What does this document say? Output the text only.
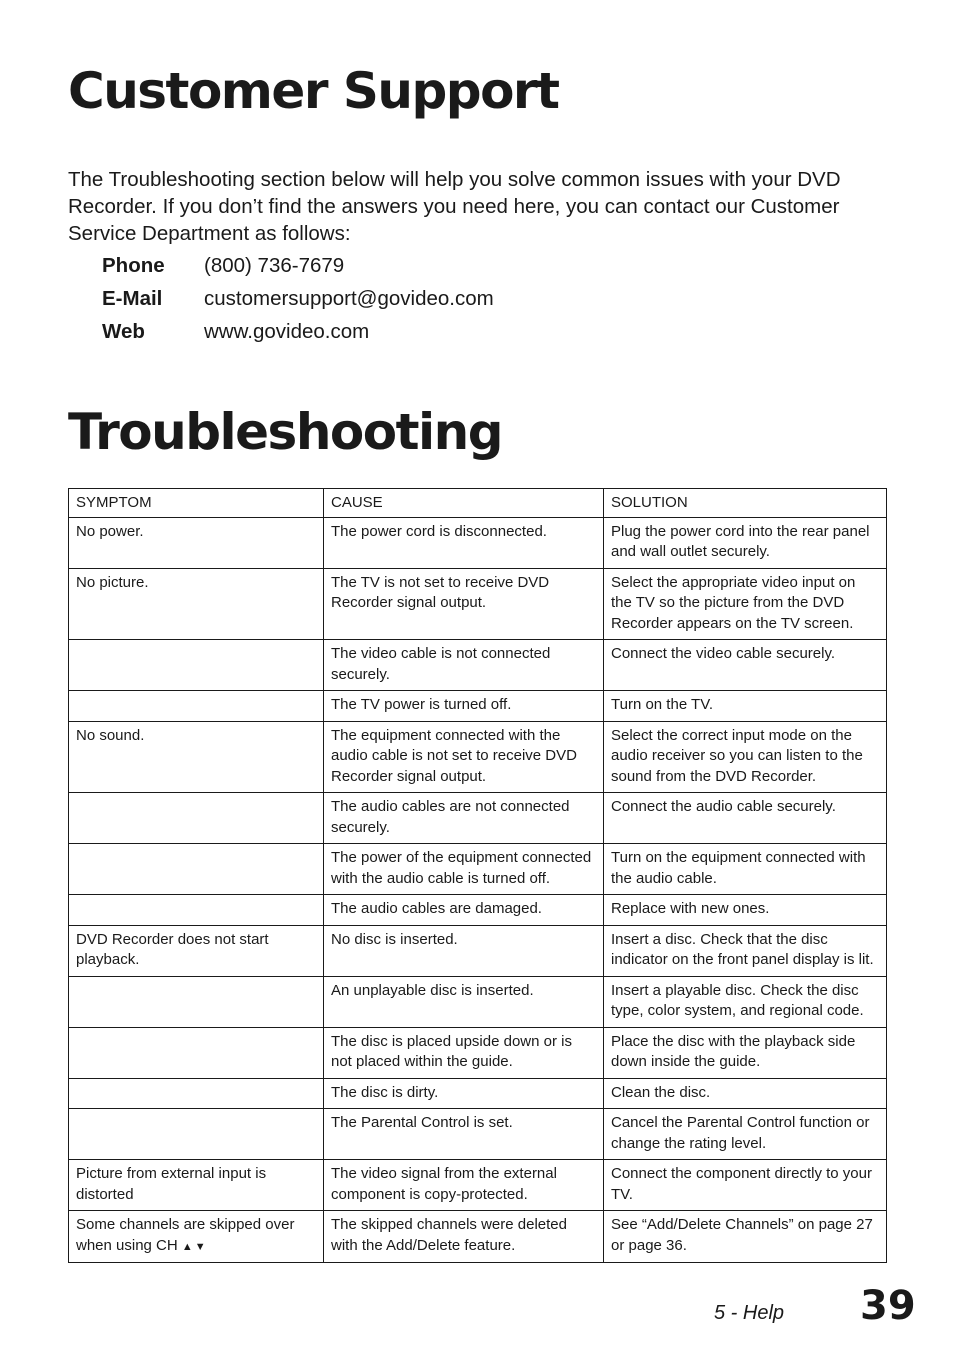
Customer Support

The Troubleshooting section below will help you solve common issues with your DVD Recorder. If you don’t find the answers you need here, you can contact our Customer Service Department as follows:

Phone	(800) 736-7679
E-Mail	customersupport@govideo.com
Web	www.govideo.com
Troubleshooting
SYMPTOM	CAUSE	SOLUTION
No power.	The power cord is disconnected.	Plug the power cord into the rear panel and wall outlet securely.
No picture.	The TV is not set to receive DVD Recorder signal output.	Select the appropriate video input on the TV so the picture from the DVD Recorder appears on the TV screen.
	The video cable is not connected securely.	Connect the video cable securely.
	The TV power is turned off.	Turn on the TV.
No sound.	The equipment connected with the audio cable is not set to receive DVD Recorder signal output.	Select the correct input mode on the audio receiver so you can listen to the sound from the DVD Recorder.
	The audio cables are not connected securely.	Connect the audio cable securely.
	The power of the equipment connected with the audio cable is turned off.	Turn on the equipment connected with the audio cable.
	The audio cables are damaged.	Replace with new ones.
DVD Recorder does not start playback.	No disc is inserted.	Insert a disc. Check that the disc indicator on the front panel display is lit.
	An unplayable disc is inserted.	Insert a playable disc. Check the disc type, color system, and regional code.
	The disc is placed upside down or is not placed within the guide.	Place the disc with the playback side down inside the guide.
	The disc is dirty.	Clean the disc.
	The Parental Control is set.	Cancel the Parental Control function or change the rating level.
Picture from external input is distorted	The video signal from the external component is copy-protected.	Connect the component directly to your TV.
Some channels are skipped over when using CH ▲▼	The skipped channels were deleted with the Add/Delete feature.	See “Add/Delete Channels” on page 27 or page 36.
5 - Help 39
